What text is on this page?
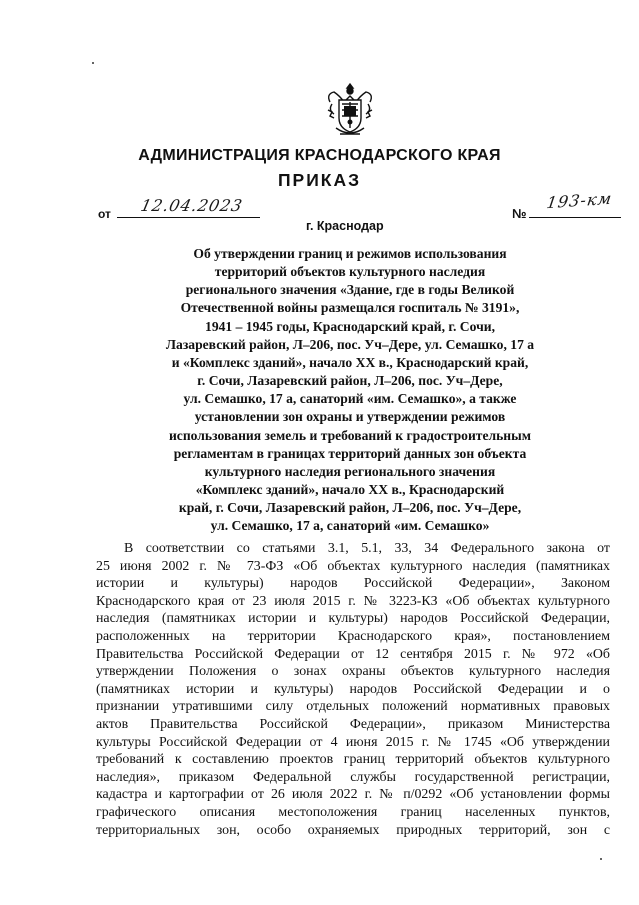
АДМИНИСТРАЦИЯ КРАСНОДАРСКОГО КРАЯ
ПРИКАЗ
от 12.04.2023
г. Краснодар
№
193-км
Об утверждении границ и режимов использования
территорий объектов культурного наследия
регионального значения «Здание, где в годы Великой
Отечественной войны размещался госпиталь № 3191»,
1941 – 1945 годы, Краснодарский край, г. Сочи,
Лазаревский район, Л–206, пос. Уч–Дере, ул. Семашко, 17 а
и «Комплекс зданий», начало XX в., Краснодарский край,
г. Сочи, Лазаревский район, Л–206, пос. Уч–Дере,
ул. Семашко, 17 а, санаторий «им. Семашко», а также
установлении зон охраны и утверждении режимов
использования земель и требований к градостроительным
регламентам в границах территорий данных зон объекта
культурного наследия регионального значения
«Комплекс зданий», начало XX в., Краснодарский
край, г. Сочи, Лазаревский район, Л–206, пос. Уч–Дере,
ул. Семашко, 17 а, санаторий «им. Семашко»
В соответствии со статьями 3.1, 5.1, 33, 34 Федерального закона от
25 июня 2002 г. № 73-ФЗ «Об объектах культурного наследия (памятниках
истории и культуры) народов Российской Федерации», Законом
Краснодарского края от 23 июля 2015 г. № 3223-КЗ «Об объектах культурного
наследия (памятниках истории и культуры) народов Российской Федерации,
расположенных на территории Краснодарского края», постановлением
Правительства Российской Федерации от 12 сентября 2015 г. № 972 «Об
утверждении Положения о зонах охраны объектов культурного наследия
(памятниках истории и культуры) народов Российской Федерации и о
признании утратившими силу отдельных положений нормативных правовых
актов Правительства Российской Федерации», приказом Министерства
культуры Российской Федерации от 4 июня 2015 г. № 1745 «Об утверждении
требований к составлению проектов границ территорий объектов культурного
наследия», приказом Федеральной службы государственной регистрации,
кадастра и картографии от 26 июля 2022 г. № п/0292 «Об установлении формы
графического описания местоположения границ населенных пунктов,
территориальных зон, особо охраняемых природных территорий, зон с
